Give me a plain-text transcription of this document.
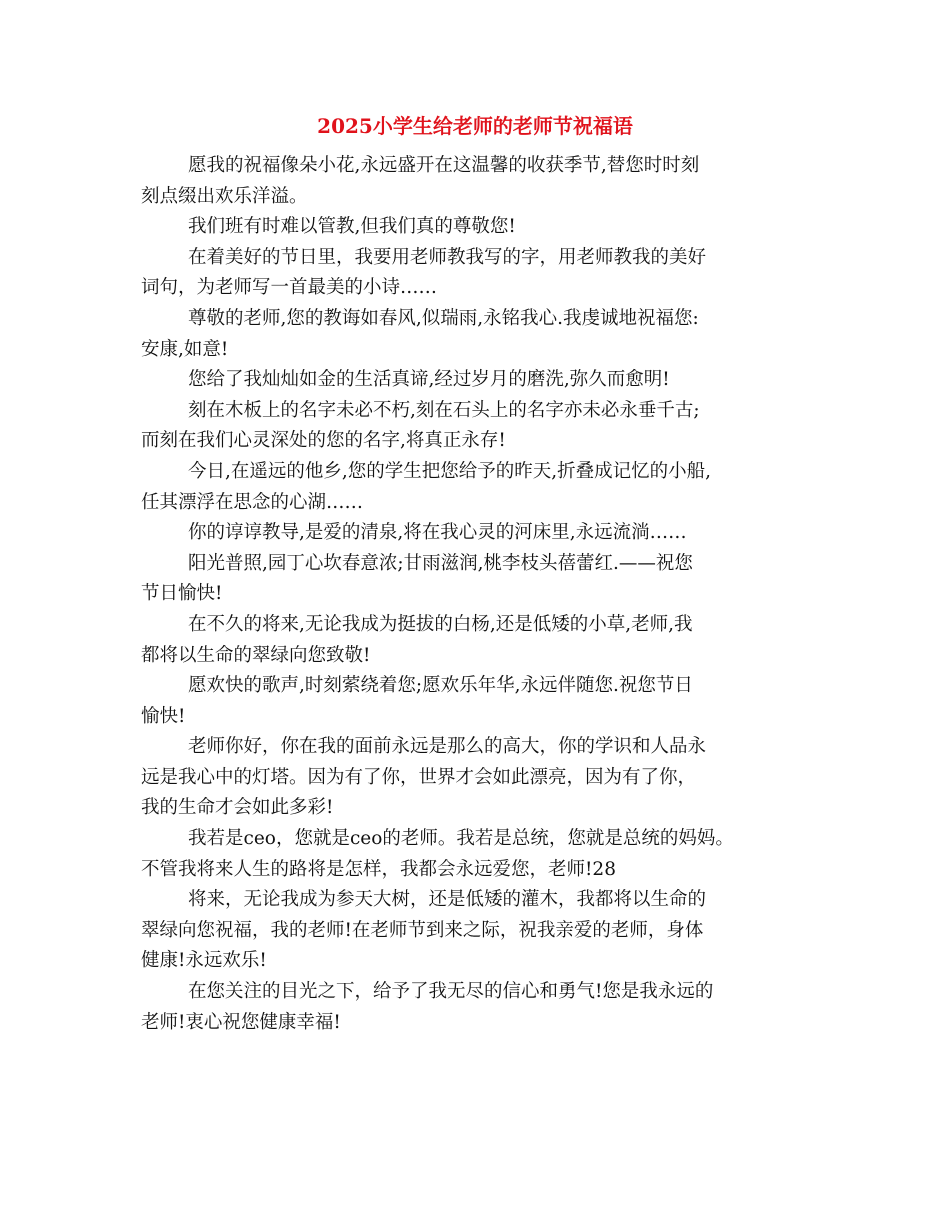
2025小学生给老师的老师节祝福语
愿我的祝福像朵小花,永远盛开在这温馨的收获季节,替您时时刻
刻点缀出欢乐洋溢。
我们班有时难以管教,但我们真的尊敬您!
在着美好的节日里，我要用老师教我写的字，用老师教我的美好
词句，为老师写一首最美的小诗……
尊敬的老师,您的教诲如春风,似瑞雨,永铭我心.我虔诚地祝福您:
安康,如意!
您给了我灿灿如金的生活真谛,经过岁月的磨洗,弥久而愈明!
刻在木板上的名字未必不朽,刻在石头上的名字亦未必永垂千古;
而刻在我们心灵深处的您的名字,将真正永存!
今日,在遥远的他乡,您的学生把您给予的昨天,折叠成记忆的小船,
任其漂浮在思念的心湖……
你的谆谆教导,是爱的清泉,将在我心灵的河床里,永远流淌……
阳光普照,园丁心坎春意浓;甘雨滋润,桃李枝头蓓蕾红.——祝您
节日愉快!
在不久的将来,无论我成为挺拔的白杨,还是低矮的小草,老师,我
都将以生命的翠绿向您致敬!
愿欢快的歌声,时刻萦绕着您;愿欢乐年华,永远伴随您.祝您节日
愉快!
老师你好，你在我的面前永远是那么的高大，你的学识和人品永
远是我心中的灯塔。因为有了你，世界才会如此漂亮，因为有了你，
我的生命才会如此多彩!
我若是ceo，您就是ceo的老师。我若是总统，您就是总统的妈妈。
不管我将来人生的路将是怎样，我都会永远爱您，老师!28
将来，无论我成为参天大树，还是低矮的灌木，我都将以生命的
翠绿向您祝福，我的老师!在老师节到来之际，祝我亲爱的老师，身体
健康!永远欢乐!
在您关注的目光之下，给予了我无尽的信心和勇气!您是我永远的
老师!衷心祝您健康幸福!
